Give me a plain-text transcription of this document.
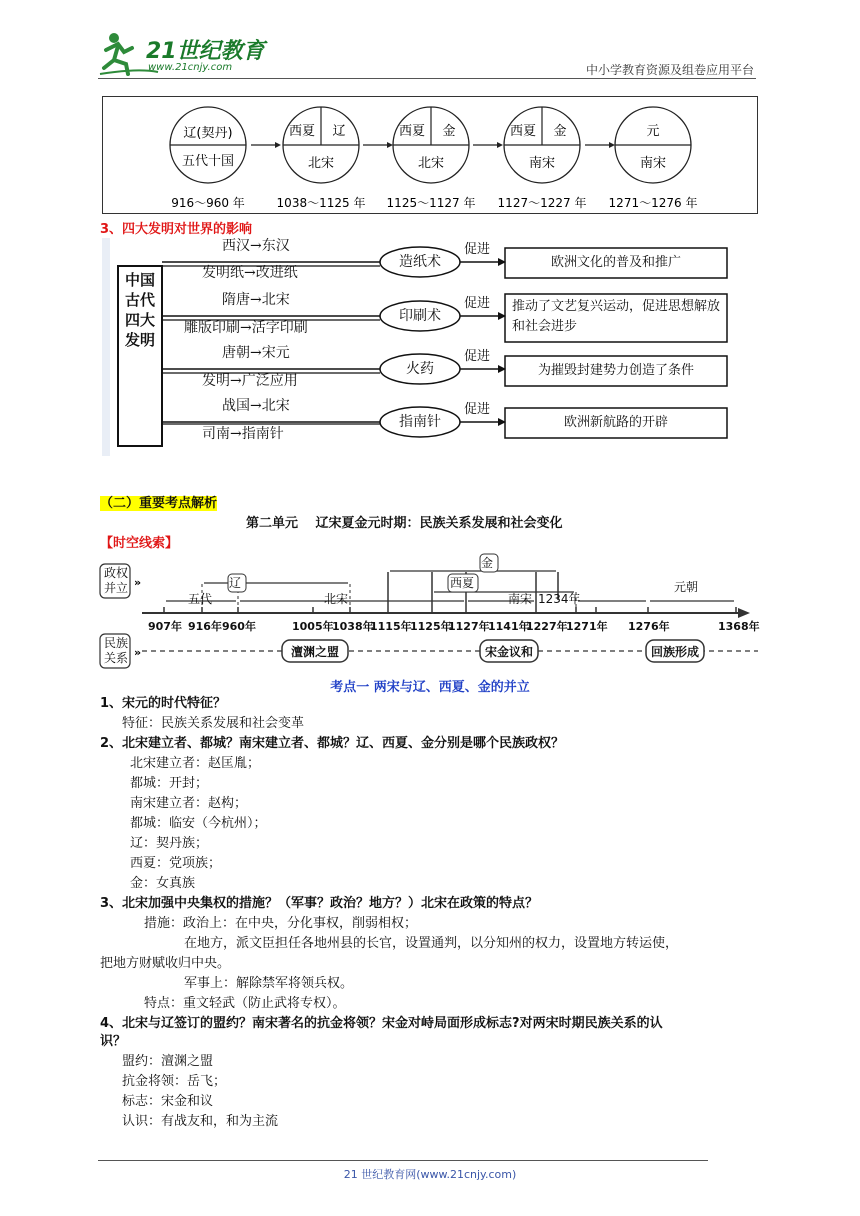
21世纪教育
www.21cnjy.com	中小学教育资源及组卷应用平台
辽(契丹)
五代十国
916～960 年
西夏 辽
北宋
1038～1125 年
西夏 金
北宋
1125～1127 年
西夏 金
南宋
1127～1227 年
元
南宋
1271～1276 年
3、四大发明对世界的影响
中国古代四大发明
西汉→东汉
发明纸→改进纸
隋唐→北宋
雕版印刷→活字印刷
唐朝→宋元
发明→广泛应用
战国→北宋
司南→指南针
造纸术
印刷术
火药
指南针
促进
促进
促进
促进
欧洲文化的普及和推广
推动了文艺复兴运动，促进思想解放和社会进步
为摧毁封建势力创造了条件
欧洲新航路的开辟
（二）重要考点解析
第二单元　 辽宋夏金元时期：民族关系发展和社会变化
【时空线索】
»
»
政权并立
民族关系
辽
五代	北宋
金
西夏
南宋
元朝
1234年
907年 916年 960年	1005年
1038年
1115年
1125年
1127年
1141年
1227年
1271年 1276年	1368年
澶渊之盟	宋金议和	回族形成
考点一 两宋与辽、西夏、金的并立
1、宋元的时代特征？
特征：民族关系发展和社会变革
2、北宋建立者、都城？南宋建立者、都城？辽、西夏、金分别是哪个民族政权？
北宋建立者：赵匡胤；
都城：开封；
南宋建立者：赵构；
都城：临安（今杭州）；
辽：契丹族；
西夏：党项族；
金：女真族
3、北宋加强中央集权的措施？（军事？政治？地方？）北宋在政策的特点？
措施：政治上：在中央，分化事权，削弱相权；
在地方，派文臣担任各地州县的长官，设置通判，以分知州的权力，设置地方转运使，
把地方财赋收归中央。
军事上：解除禁军将领兵权。
特点：重文轻武（防止武将专权）。
4、北宋与辽签订的盟约？南宋著名的抗金将领？宋金对峙局面形成标志?对两宋时期民族关系的认
识？
盟约：澶渊之盟
抗金将领：岳飞；
标志：宋金和议
认识：有战友和，和为主流
21 世纪教育网(www.21cnjy.com)
